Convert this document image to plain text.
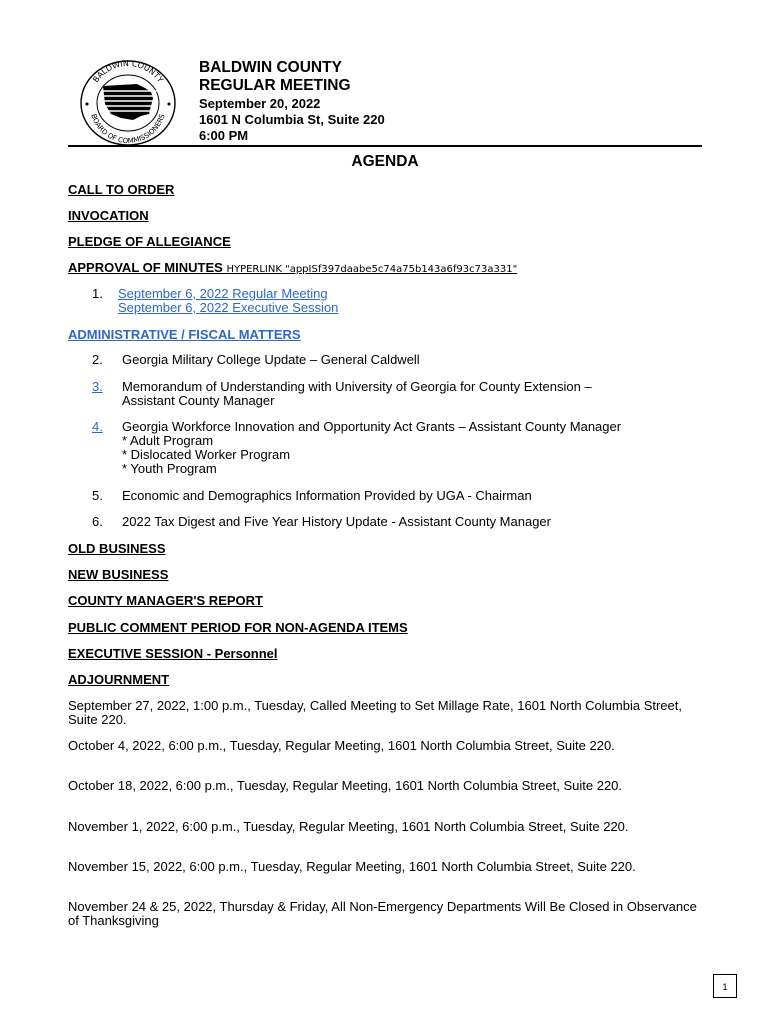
BALDWIN COUNTY
BOARD OF COMMISSIONERS
BALDWIN COUNTY
REGULAR MEETING
September 20, 2022
1601 N Columbia St, Suite 220
6:00 PM
AGENDA
CALL TO ORDER
INVOCATION
PLEDGE OF ALLEGIANCE
APPROVAL OF MINUTES HYPERLINK "appISf397daabe5c74a75b143a6f93c73a331"
1.	September 6, 2022 Regular Meeting
September 6, 2022 Executive Session
ADMINISTRATIVE / FISCAL MATTERS
2.	Georgia Military College Update – General Caldwell
3.	Memorandum of Understanding with University of Georgia for County Extension –
Assistant County Manager
4.	Georgia Workforce Innovation and Opportunity Act Grants – Assistant County Manager
* Adult Program
* Dislocated Worker Program
* Youth Program
5.	Economic and Demographics Information Provided by UGA - Chairman
6.	2022 Tax Digest and Five Year History Update - Assistant County Manager
OLD BUSINESS
NEW BUSINESS
COUNTY MANAGER'S REPORT
PUBLIC COMMENT PERIOD FOR NON-AGENDA ITEMS
EXECUTIVE SESSION - Personnel
ADJOURNMENT
September 27, 2022, 1:00 p.m., Tuesday, Called Meeting to Set Millage Rate, 1601 North Columbia Street, Suite 220.
October 4, 2022, 6:00 p.m., Tuesday, Regular Meeting, 1601 North Columbia Street, Suite 220.
October 18, 2022, 6:00 p.m., Tuesday, Regular Meeting, 1601 North Columbia Street, Suite 220.
November 1, 2022, 6:00 p.m., Tuesday, Regular Meeting, 1601 North Columbia Street, Suite 220.
November 15, 2022, 6:00 p.m., Tuesday, Regular Meeting, 1601 North Columbia Street, Suite 220.
November 24 & 25, 2022, Thursday & Friday, All Non-Emergency Departments Will Be Closed in Observance of Thanksgiving
1
